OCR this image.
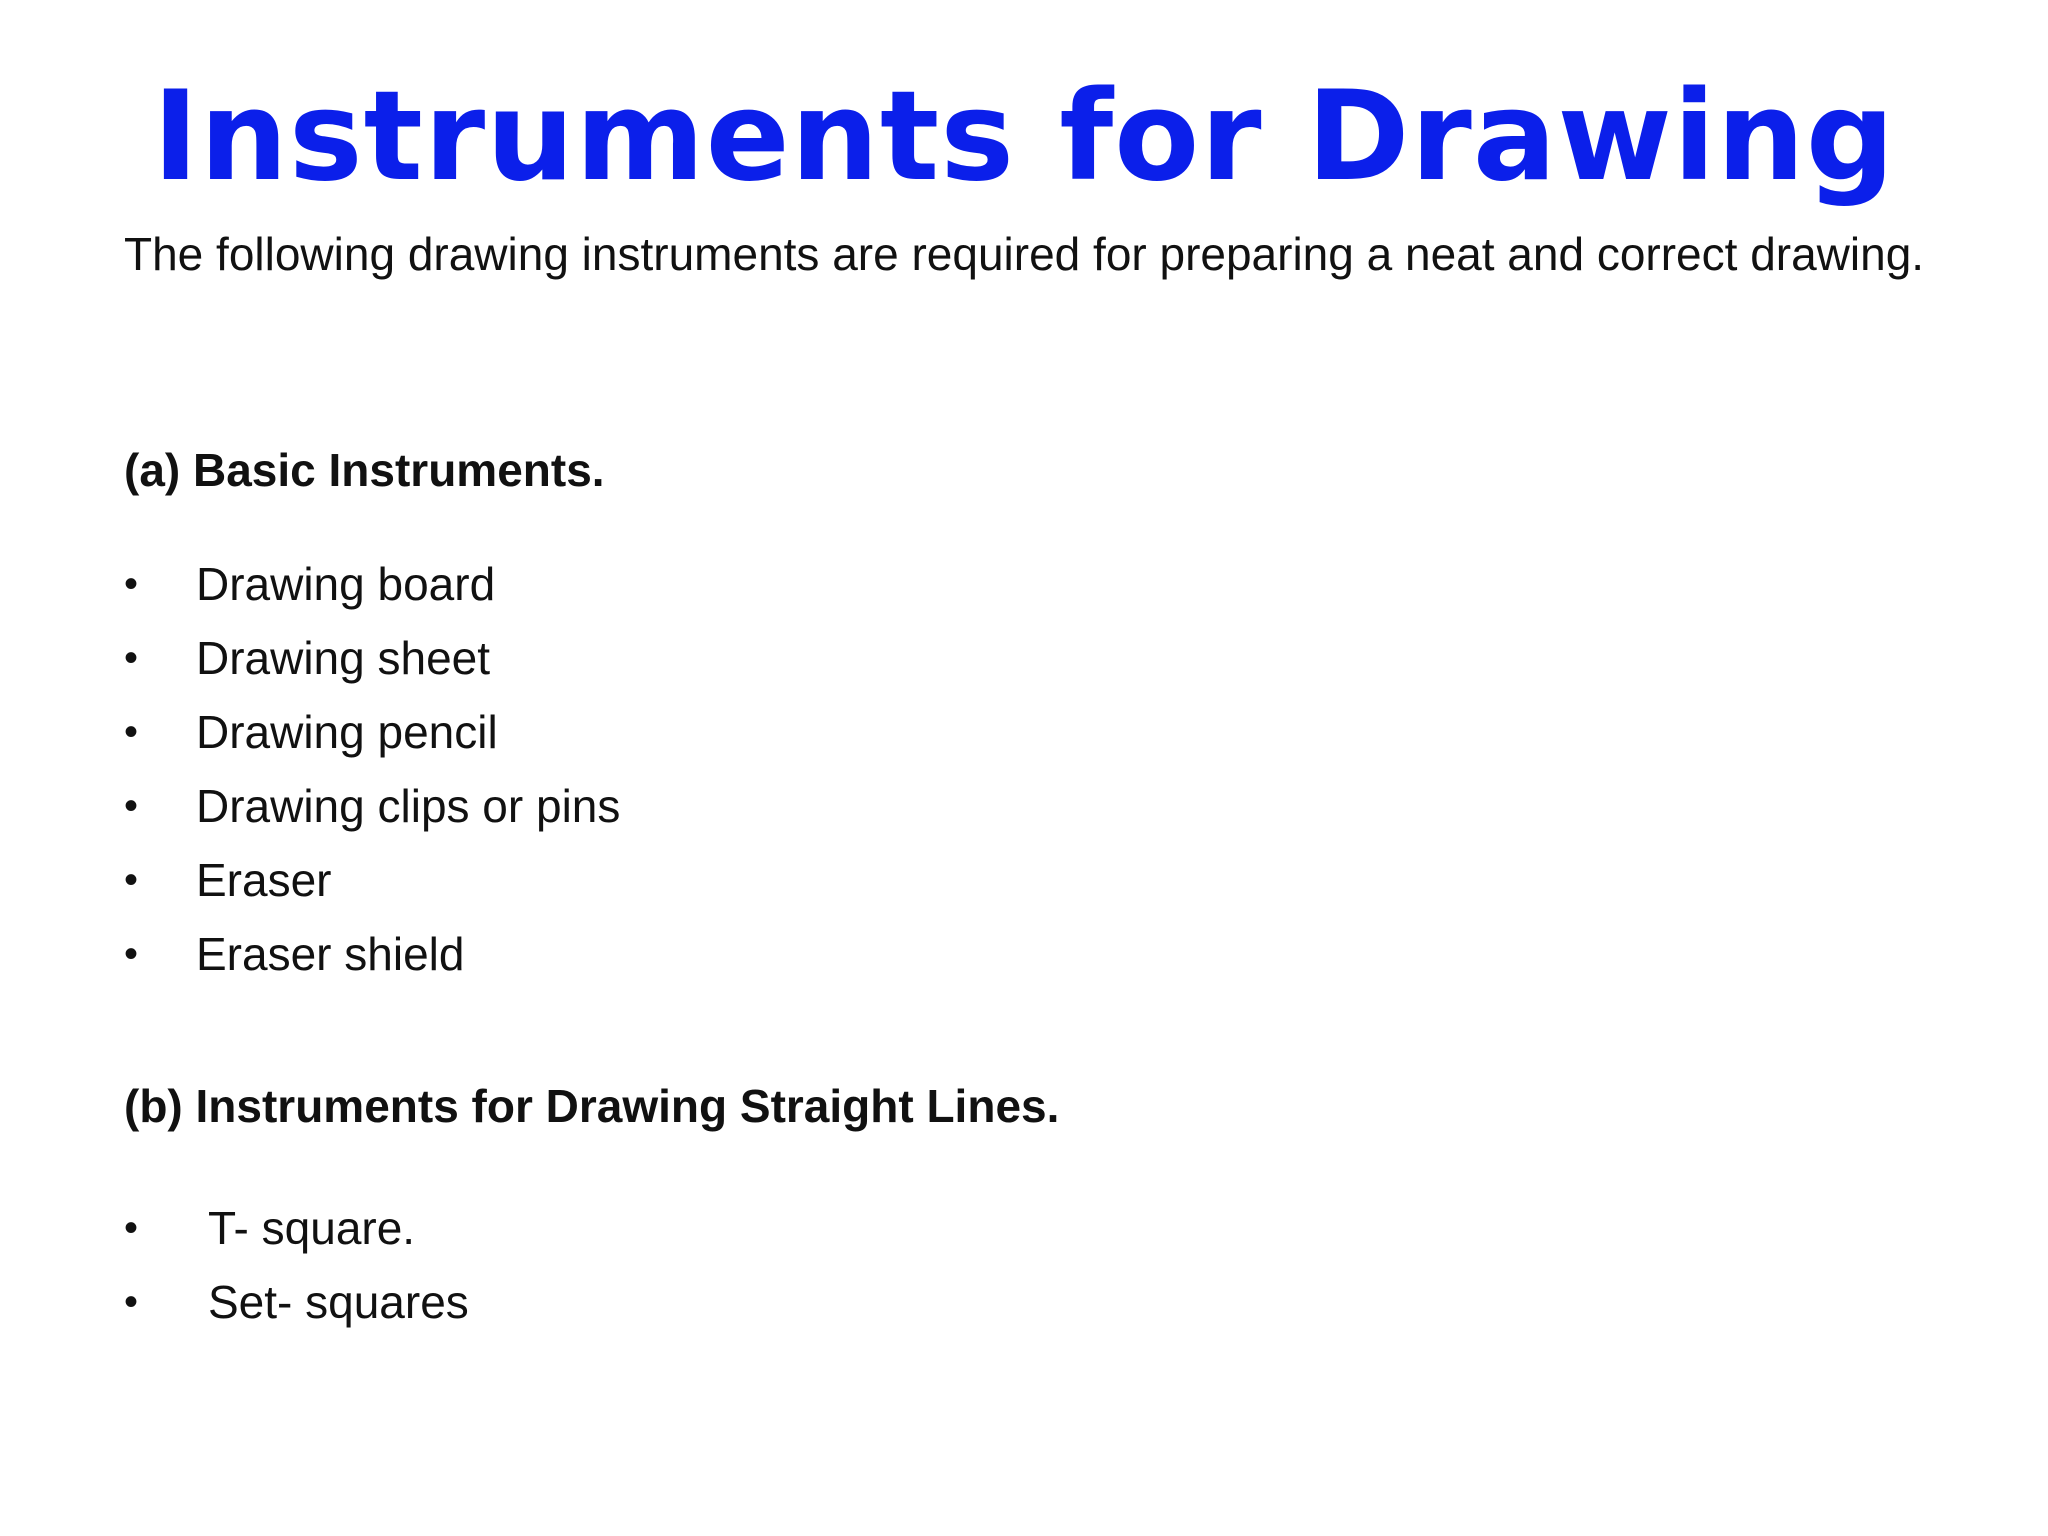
Instruments for Drawing
The following drawing instruments are required for preparing a neat and correct drawing.
(a) Basic Instruments.
• Drawing board
• Drawing sheet
• Drawing pencil
• Drawing clips or pins
• Eraser
• Eraser shield
(b) Instruments for Drawing Straight Lines.
• T- square.
• Set- squares
